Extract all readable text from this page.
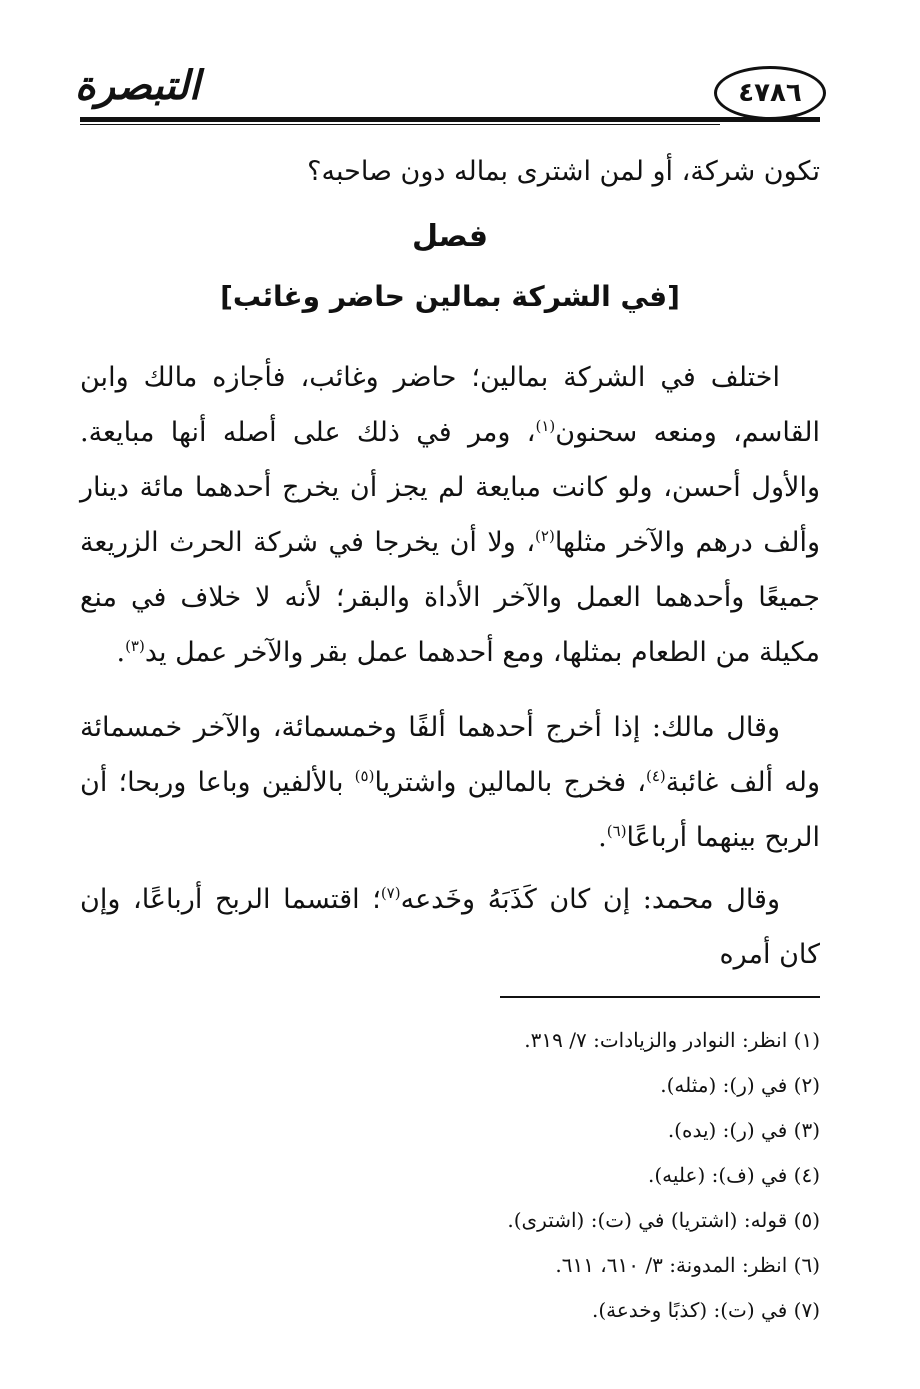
التبصرة	٤٧٨٦
تكون شركة، أو لمن اشترى بماله دون صاحبه؟
فصل
[في الشركة بمالين حاضر وغائب]
اختلف في الشركة بمالين؛ حاضر وغائب، فأجازه مالك وابن القاسم، ومنعه سحنون$^{(١)}$، ومر في ذلك على أصله أنها مبايعة. والأول أحسن، ولو كانت مبايعة لم يجز أن يخرج أحدهما مائة دينار وألف درهم والآخر مثلها$^{(٢)}$، ولا أن يخرجا في شركة الحرث الزريعة جميعًا وأحدهما العمل والآخر الأداة والبقر؛ لأنه لا خلاف في منع مكيلة من الطعام بمثلها، ومع أحدهما عمل بقر والآخر عمل يد$^{(٣)}$.
وقال مالك: إذا أخرج أحدهما ألفًا وخمسمائة، والآخر خمسمائة وله ألف غائبة$^{(٤)}$، فخرج بالمالين واشتريا$^{(٥)}$ بالألفين وباعا وربحا؛ أن الربح بينهما أرباعًا$^{(٦)}$.
وقال محمد: إن كان كَذَبَهُ وخَدعه$^{(٧)}$؛ اقتسما الربح أرباعًا، وإن كان أمره
(١) انظر: النوادر والزيادات: ٧/ ٣١٩.
(٢) في (ر): (مثله).
(٣) في (ر): (يده).
(٤) في (ف): (عليه).
(٥) قوله: (اشتريا) في (ت): (اشترى).
(٦) انظر: المدونة: ٣/ ٦١٠، ٦١١.
(٧) في (ت): (كذبًا وخدعة).
